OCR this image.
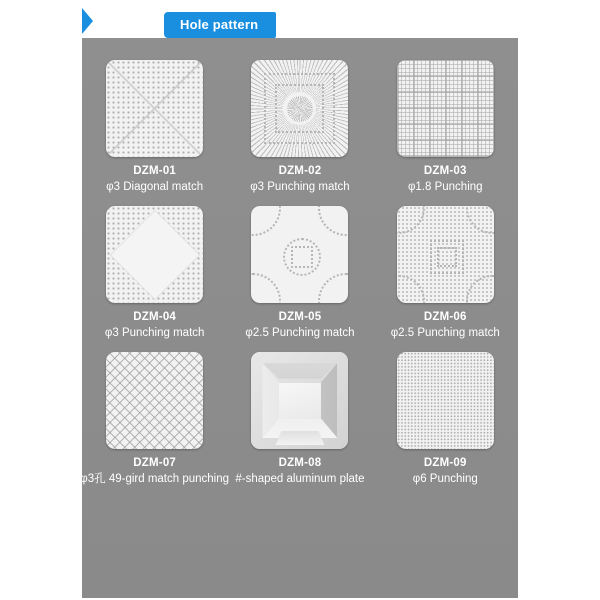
Hole pattern
DZM-01
φ3 Diagonal match
DZM-02
φ3 Punching match
DZM-03
φ1.8 Punching
DZM-04
φ3 Punching match
DZM-05
φ2.5 Punching match
DZM-06
φ2.5 Punching match
DZM-07
φ3孔 49-gird match punching
DZM-08
#-shaped aluminum plate
DZM-09
φ6 Punching
